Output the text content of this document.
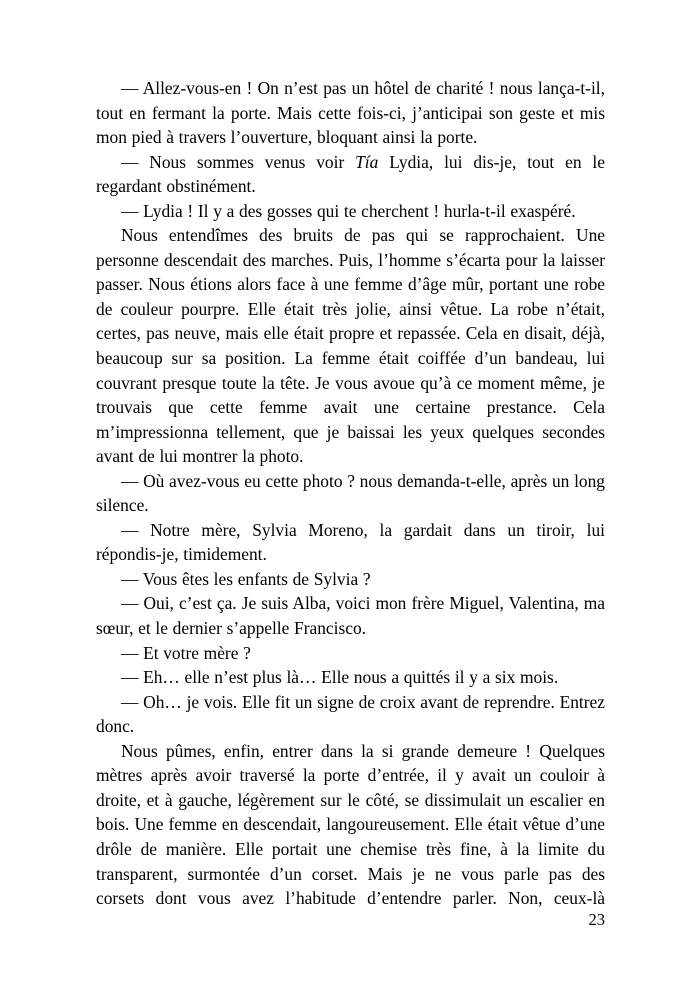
— Allez-vous-en ! On n’est pas un hôtel de charité ! nous lança-t-il, tout en fermant la porte. Mais cette fois-ci, j’anticipai son geste et mis mon pied à travers l’ouverture, bloquant ainsi la porte.

— Nous sommes venus voir Tía Lydia, lui dis-je, tout en le regardant obstinément.

— Lydia ! Il y a des gosses qui te cherchent ! hurla-t-il exaspéré.

Nous entendîmes des bruits de pas qui se rapprochaient. Une personne descendait des marches. Puis, l’homme s’écarta pour la laisser passer. Nous étions alors face à une femme d’âge mûr, portant une robe de couleur pourpre. Elle était très jolie, ainsi vêtue. La robe n’était, certes, pas neuve, mais elle était propre et repassée. Cela en disait, déjà, beaucoup sur sa position. La femme était coiffée d’un bandeau, lui couvrant presque toute la tête. Je vous avoue qu’à ce moment même, je trouvais que cette femme avait une certaine prestance. Cela m’impressionna tellement, que je baissai les yeux quelques secondes avant de lui montrer la photo.

— Où avez-vous eu cette photo ? nous demanda-t-elle, après un long silence.

— Notre mère, Sylvia Moreno, la gardait dans un tiroir, lui répondis-je, timidement.

— Vous êtes les enfants de Sylvia ?

— Oui, c’est ça. Je suis Alba, voici mon frère Miguel, Valentina, ma sœur, et le dernier s’appelle Francisco.

— Et votre mère ?

— Eh… elle n’est plus là… Elle nous a quittés il y a six mois.

— Oh… je vois. Elle fit un signe de croix avant de reprendre. Entrez donc.

Nous pûmes, enfin, entrer dans la si grande demeure ! Quelques mètres après avoir traversé la porte d’entrée, il y avait un couloir à droite, et à gauche, légèrement sur le côté, se dissimulait un escalier en bois. Une femme en descendait, langoureusement. Elle était vêtue d’une drôle de manière. Elle portait une chemise très fine, à la limite du transparent, surmontée d’un corset. Mais je ne vous parle pas des corsets dont vous avez l’habitude d’entendre parler. Non, ceux-là

23
